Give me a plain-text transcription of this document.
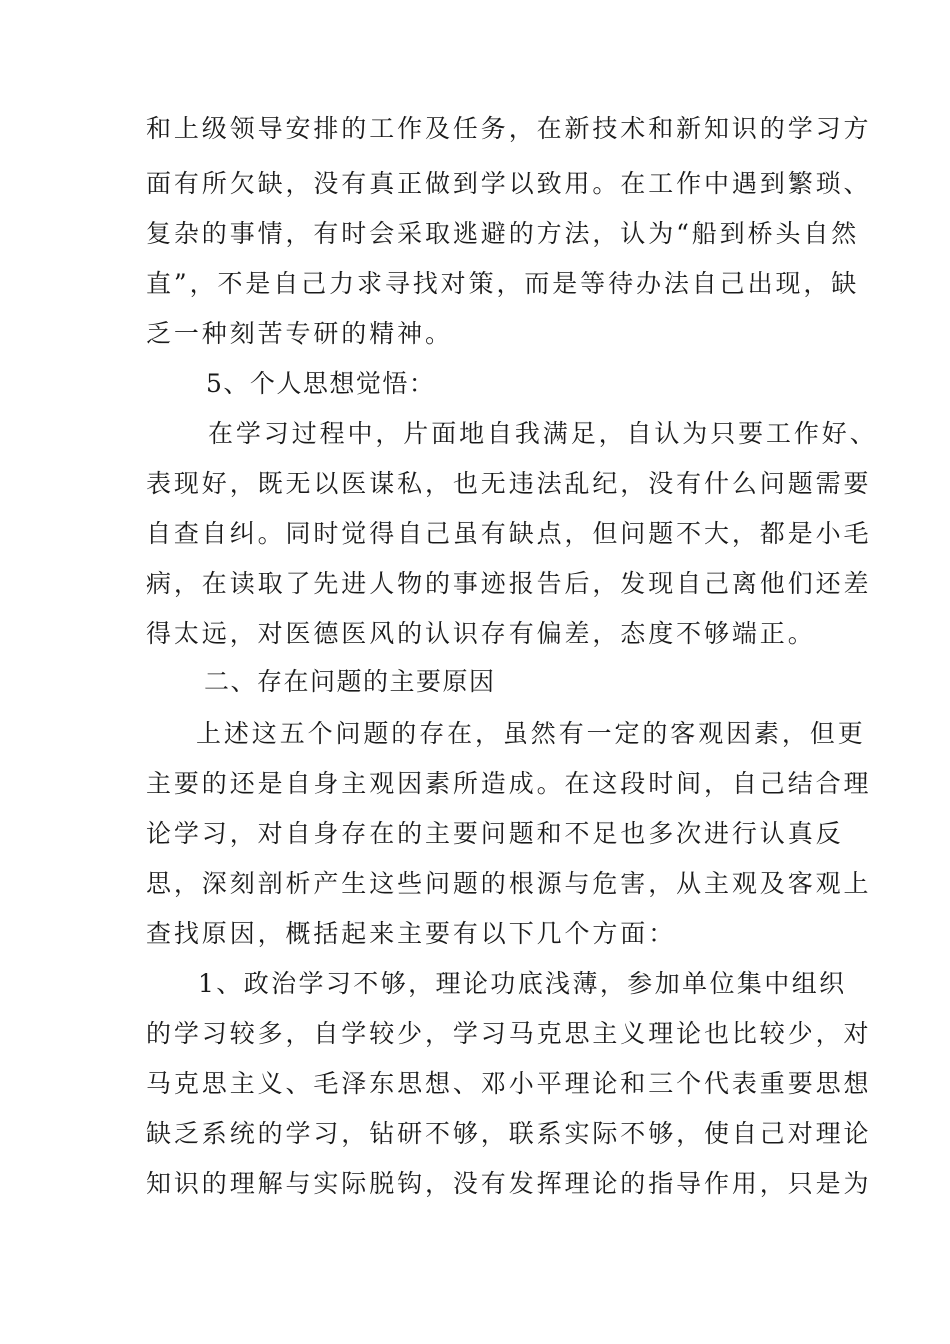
和上级领导安排的工作及任务，在新技术和新知识的学习方

面有所欠缺，没有真正做到学以致用。在工作中遇到繁琐、

复杂的事情，有时会采取逃避的方法，认为“船到桥头自然

直”，不是自己力求寻找对策，而是等待办法自己出现，缺

乏一种刻苦专研的精神。

5、个人思想觉悟：

在学习过程中，片面地自我满足，自认为只要工作好、

表现好，既无以医谋私，也无违法乱纪，没有什么问题需要

自查自纠。同时觉得自己虽有缺点，但问题不大，都是小毛

病，在读取了先进人物的事迹报告后，发现自己离他们还差

得太远，对医德医风的认识存有偏差，态度不够端正。

二、存在问题的主要原因

上述这五个问题的存在，虽然有一定的客观因素，但更

主要的还是自身主观因素所造成。在这段时间，自己结合理

论学习，对自身存在的主要问题和不足也多次进行认真反

思，深刻剖析产生这些问题的根源与危害，从主观及客观上

查找原因，概括起来主要有以下几个方面：

1、政治学习不够，理论功底浅薄，参加单位集中组织

的学习较多，自学较少，学习马克思主义理论也比较少，对

马克思主义、毛泽东思想、邓小平理论和三个代表重要思想

缺乏系统的学习，钻研不够，联系实际不够，使自己对理论

知识的理解与实际脱钩，没有发挥理论的指导作用，只是为
